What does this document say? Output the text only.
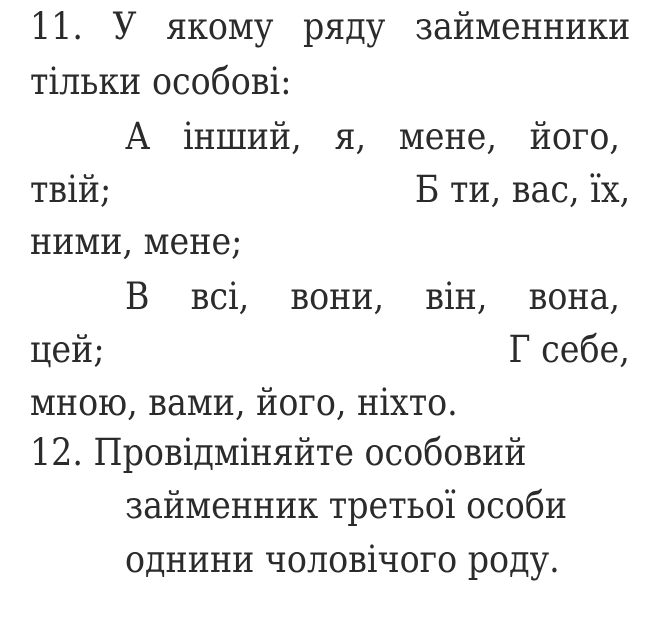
11. У якому ряду займенники
тільки особові:
А інший, я, мене, його,
твій;	Б ти, вас, їх,
ними, мене;
В всі, вони, він, вона,
цей;	Г себе,
мною, вами, його, ніхто.
12. Провідміняйте особовий
займенник третьої особи
однини чоловічого роду.
